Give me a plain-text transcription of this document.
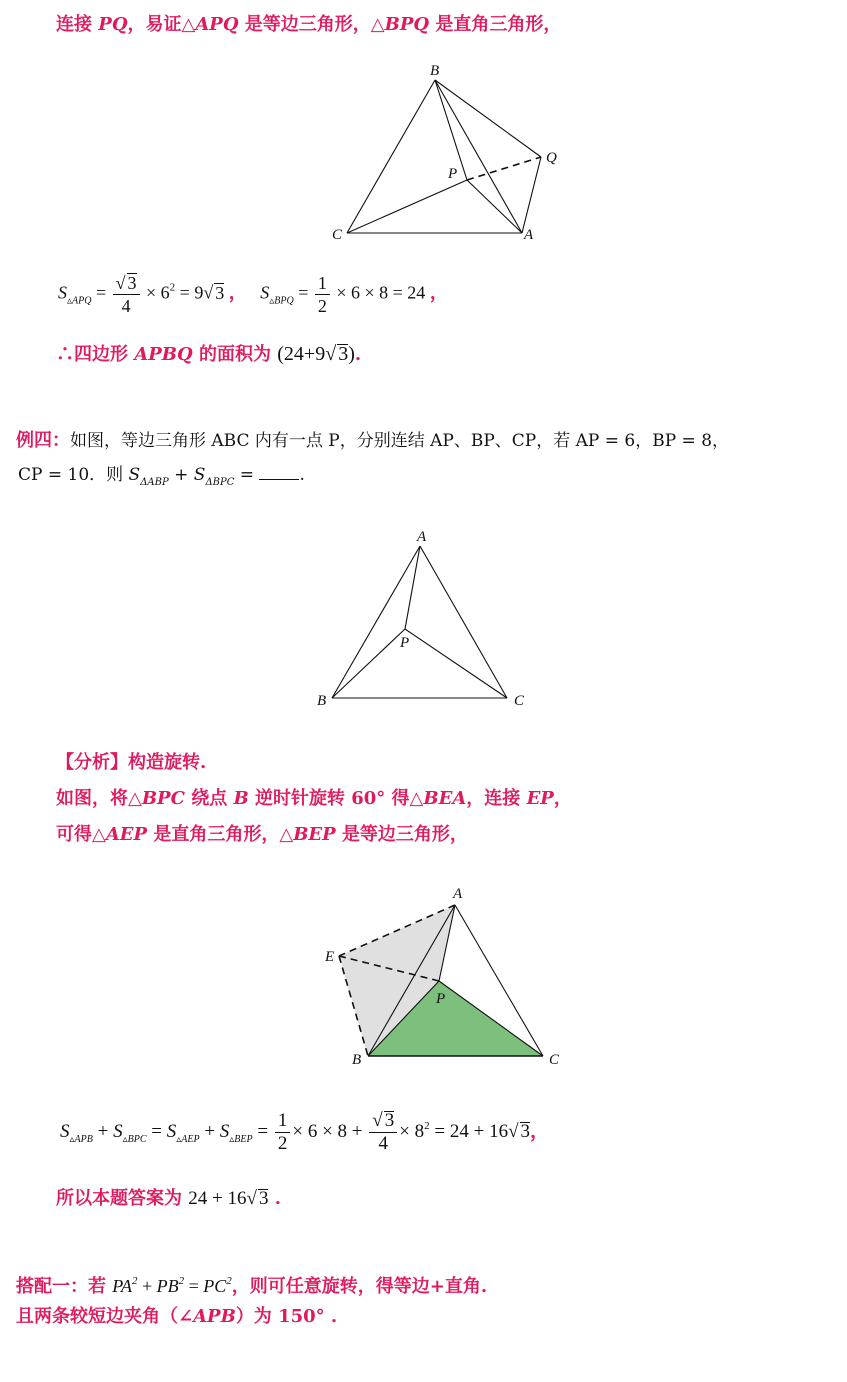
连接 PQ，易证△APQ 是等边三角形，△BPQ 是直角三角形，
B
Q
P
C	A
$S_{▵APQ} = \frac{√ 3}{4} \times 6^2 = 9√$ 3 ， $S_{▵BPQ} = \frac{1}{2} \times 6 \times 8 = 24$ ，
∴四边形 APBQ 的面积为 (24+9√ 3).
例四：如图，等边三角形 ABC 内有一点 P，分别连结 AP、BP、CP，若 AP = 6，BP = 8，
CP = 10．则 $S_{\Delta ABP} + S_{\Delta BPC}$ = .
A
P
B	C
【分析】构造旋转.
如图，将△BPC 绕点 B 逆时针旋转 60° 得△BEA，连接 EP，
可得△AEP 是直角三角形，△BEP 是等边三角形，
A
E
P
B	C
$S_{▵APB} + S_{▵BPC} = S_{▵AEP} + S_{▵BEP} = \frac{1}{2} \times 6 \times 8 + \frac{√ 3}{4} \times 8^2 = 24 + 16√$ 3，
所以本题答案为 24 + 16√ 3 .
搭配一：若 $PA^2 + PB^2 = PC^2$，则可任意旋转，得等边+直角.
且两条较短边夹角（∠APB）为 150° .
